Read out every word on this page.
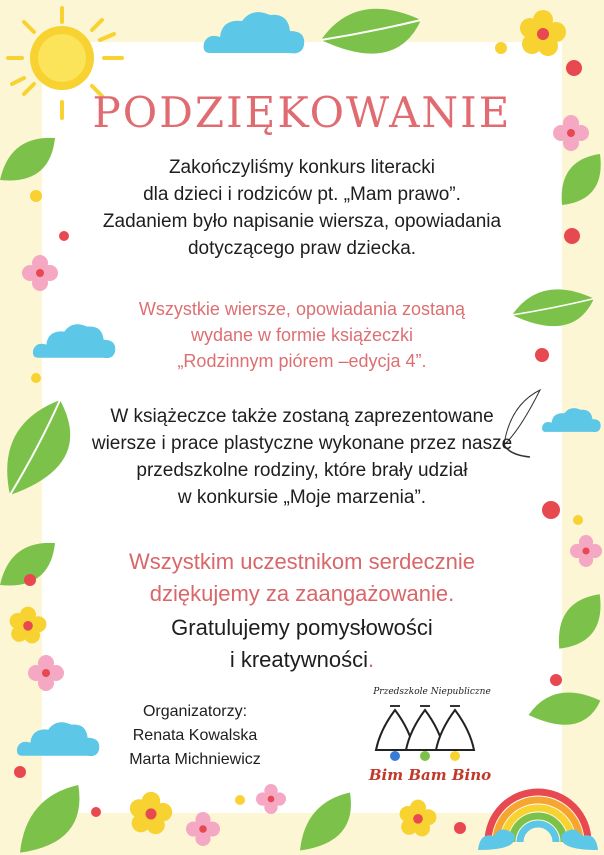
PODZIĘKOWANIE
Zakończyliśmy konkurs literacki
dla dzieci i rodziców pt. „Mam prawo”.
Zadaniem było napisanie wiersza, opowiadania
dotyczącego praw dziecka.
Wszystkie wiersze, opowiadania zostaną
wydane w formie książeczki
„Rodzinnym piórem –edycja 4”.
W książeczce także zostaną zaprezentowane
wiersze i prace plastyczne wykonane przez nasze
przedszkolne rodziny, które brały udział
w konkursie „Moje marzenia”.
Wszystkim uczestnikom serdecznie
dziękujemy za zaangażowanie.
Gratulujemy pomysłowości
i kreatywności.
Organizatorzy:
Renata Kowalska
Marta Michniewicz
Przedszkole Niepubliczne
Bim Bam Bino
